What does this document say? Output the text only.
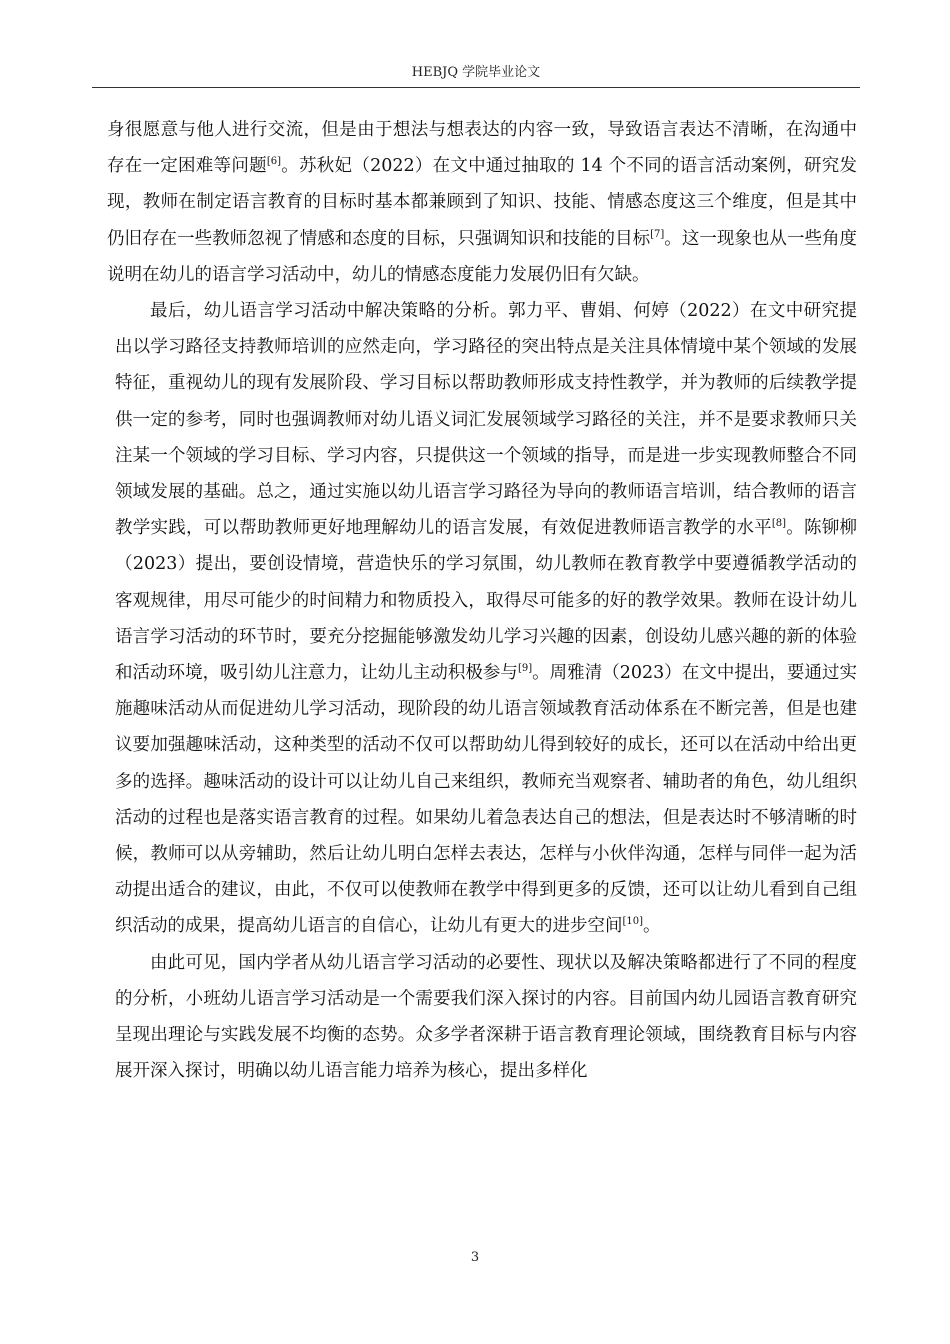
HEBJQ 学院毕业论文

身很愿意与他人进行交流，但是由于想法与想表达的内容一致，导致语言表达不清晰，在沟通中存在一定困难等问题[6]。苏秋妃（2022）在文中通过抽取的 14 个不同的语言活动案例，研究发现，教师在制定语言教育的目标时基本都兼顾到了知识、技能、情感态度这三个维度，但是其中仍旧存在一些教师忽视了情感和态度的目标，只强调知识和技能的目标[7]。这一现象也从一些角度说明在幼儿的语言学习活动中，幼儿的情感态度能力发展仍旧有欠缺。

最后，幼儿语言学习活动中解决策略的分析。郭力平、曹娟、何婷（2022）在文中研究提出以学习路径支持教师培训的应然走向，学习路径的突出特点是关注具体情境中某个领域的发展特征，重视幼儿的现有发展阶段、学习目标以帮助教师形成支持性教学，并为教师的后续教学提供一定的参考，同时也强调教师对幼儿语义词汇发展领域学习路径的关注，并不是要求教师只关注某一个领域的学习目标、学习内容，只提供这一个领域的指导，而是进一步实现教师整合不同领域发展的基础。总之，通过实施以幼儿语言学习路径为导向的教师语言培训，结合教师的语言教学实践，可以帮助教师更好地理解幼儿的语言发展，有效促进教师语言教学的水平[8]。陈铆柳（2023）提出，要创设情境，营造快乐的学习氛围，幼儿教师在教育教学中要遵循教学活动的客观规律，用尽可能少的时间精力和物质投入，取得尽可能多的好的教学效果。教师在设计幼儿语言学习活动的环节时，要充分挖掘能够激发幼儿学习兴趣的因素，创设幼儿感兴趣的新的体验和活动环境，吸引幼儿注意力，让幼儿主动积极参与[9]。周雅清（2023）在文中提出，要通过实施趣味活动从而促进幼儿学习活动，现阶段的幼儿语言领域教育活动体系在不断完善，但是也建议要加强趣味活动，这种类型的活动不仅可以帮助幼儿得到较好的成长，还可以在活动中给出更多的选择。趣味活动的设计可以让幼儿自己来组织，教师充当观察者、辅助者的角色，幼儿组织活动的过程也是落实语言教育的过程。如果幼儿着急表达自己的想法，但是表达时不够清晰的时候，教师可以从旁辅助，然后让幼儿明白怎样去表达，怎样与小伙伴沟通，怎样与同伴一起为活动提出适合的建议，由此，不仅可以使教师在教学中得到更多的反馈，还可以让幼儿看到自己组织活动的成果，提高幼儿语言的自信心，让幼儿有更大的进步空间[10]。

由此可见，国内学者从幼儿语言学习活动的必要性、现状以及解决策略都进行了不同的程度的分析，小班幼儿语言学习活动是一个需要我们深入探讨的内容。目前国内幼儿园语言教育研究呈现出理论与实践发展不均衡的态势。众多学者深耕于语言教育理论领域，围绕教育目标与内容展开深入探讨，明确以幼儿语言能力培养为核心，提出多样化

3
